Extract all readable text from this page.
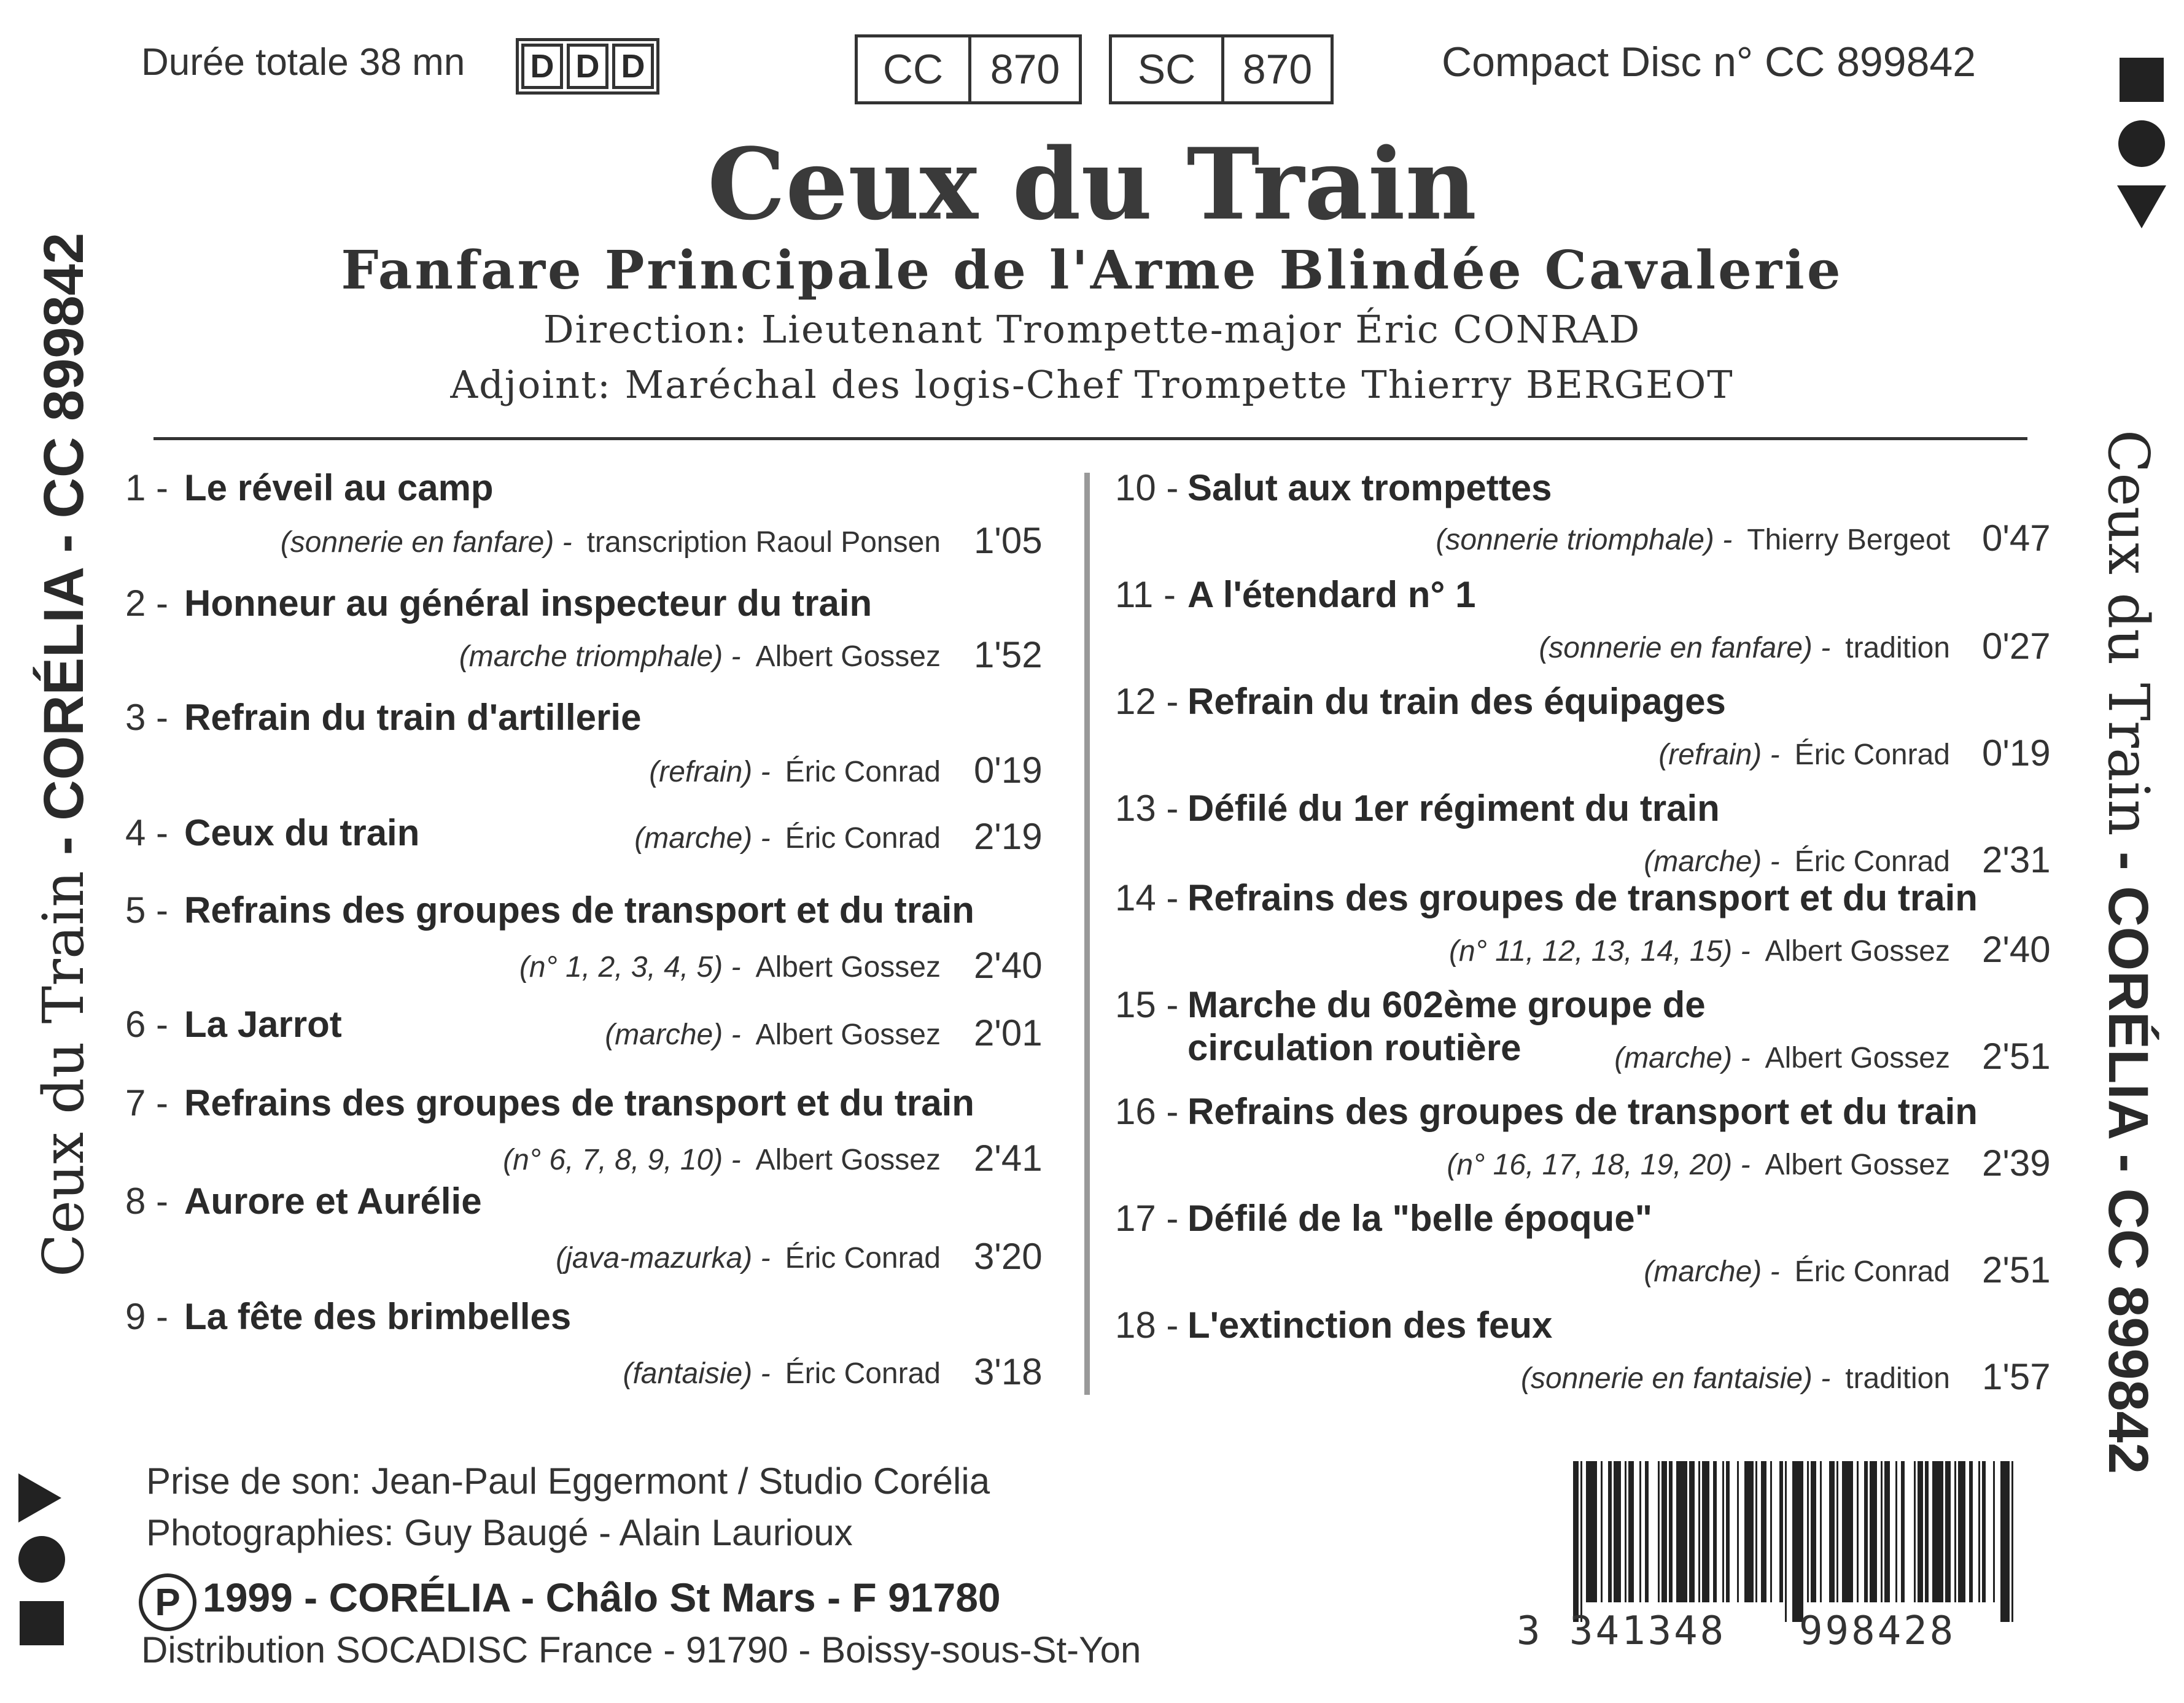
Durée totale 38 mn D D D	CC	870	SC	870	Compact Disc n° CC 899842
Ceux du Train
Fanfare Principale de l'Arme Blindée Cavalerie
Direction: Lieutenant Trompette-major Éric CONRAD
Adjoint: Maréchal des logis-Chef Trompette Thierry BERGEOT
1 - Le réveil au camp
(sonnerie en fanfare) - transcription Raoul Ponsen 1'05
2 - Honneur au général inspecteur du train
(marche triomphale) - Albert Gossez 1'52
3 - Refrain du train d'artillerie
(refrain) - Éric Conrad 0'19
4 - Ceux du train	(marche) - Éric Conrad 2'19
5 - Refrains des groupes de transport et du train
(n° 1, 2, 3, 4, 5) - Albert Gossez 2'40
6 - La Jarrot	(marche) - Albert Gossez 2'01
7 - Refrains des groupes de transport et du train
(n° 6, 7, 8, 9, 10) - Albert Gossez 2'41
8 - Aurore et Aurélie
(java-mazurka) - Éric Conrad 3'20
9 - La fête des brimbelles
(fantaisie) - Éric Conrad 3'18
10 - Salut aux trompettes
(sonnerie triomphale) - Thierry Bergeot 0'47
11 - A l'étendard n° 1
(sonnerie en fanfare) - tradition 0'27
12 - Refrain du train des équipages
(refrain) - Éric Conrad 0'19
13 - Défilé du 1er régiment du train
(marche) - Éric Conrad 2'31
14 - Refrains des groupes de transport et du train
(n° 11, 12, 13, 14, 15) - Albert Gossez 2'40
15 - Marche du 602ème groupe de
circulation routière	(marche) - Albert Gossez 2'51
16 - Refrains des groupes de transport et du train
(n° 16, 17, 18, 19, 20) - Albert Gossez 2'39
17 - Défilé de la "belle époque"
(marche) - Éric Conrad 2'51
18 - L'extinction des feux
(sonnerie en fantaisie) - tradition 1'57
Prise de son: Jean-Paul Eggermont / Studio Corélia
Photographies: Guy Baugé - Alain Laurioux
P 1999 - CORÉLIA - Châlo St Mars - F 91780
Distribution SOCADISC France - 91790 - Boissy-sous-St-Yon	3 341348 998428
Ceux du Train - CORÉLIA - CC 899842	Ceux du Train - CORÉLIA - CC 899842
